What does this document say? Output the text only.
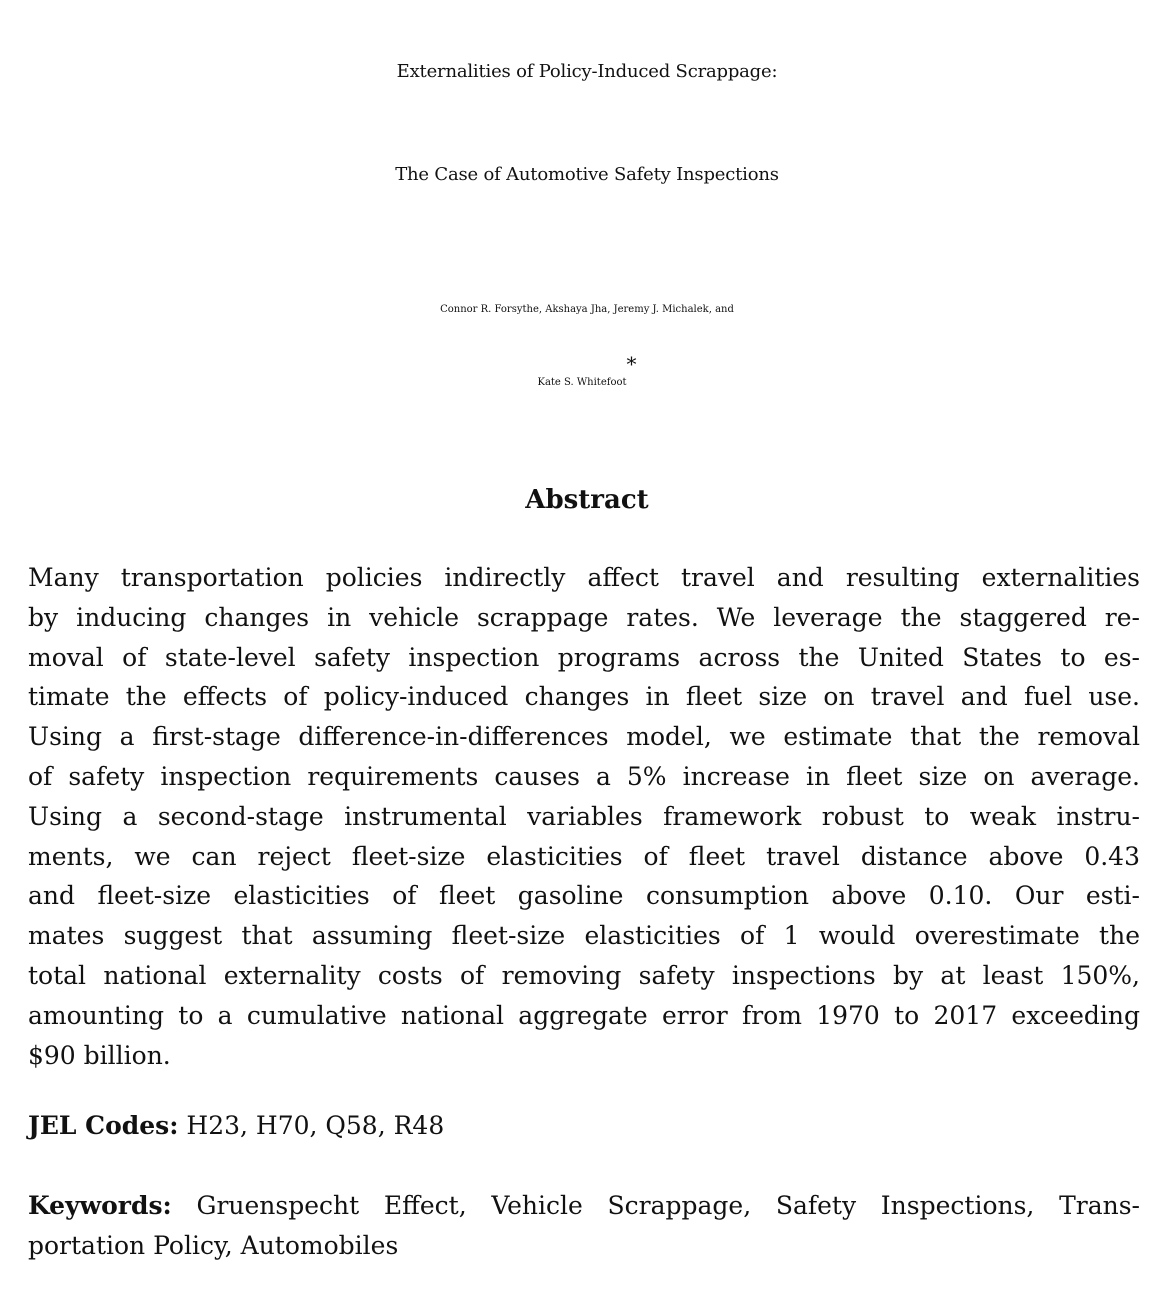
Externalities of Policy-Induced Scrappage:
The Case of Automotive Safety Inspections
Connor R. Forsythe, Akshaya Jha, Jeremy J. Michalek, and
Kate S. Whitefoot*
Abstract
Many transportation policies indirectly affect travel and resulting externalities
by inducing changes in vehicle scrappage rates. We leverage the staggered re-
moval of state-level safety inspection programs across the United States to es-
timate the effects of policy-induced changes in fleet size on travel and fuel use.
Using a first-stage difference-in-differences model, we estimate that the removal
of safety inspection requirements causes a 5% increase in fleet size on average.
Using a second-stage instrumental variables framework robust to weak instru-
ments, we can reject fleet-size elasticities of fleet travel distance above 0.43
and fleet-size elasticities of fleet gasoline consumption above 0.10. Our esti-
mates suggest that assuming fleet-size elasticities of 1 would overestimate the
total national externality costs of removing safety inspections by at least 150%,
amounting to a cumulative national aggregate error from 1970 to 2017 exceeding
$90 billion.
JEL Codes: H23, H70, Q58, R48
Keywords: Gruenspecht Effect, Vehicle Scrappage, Safety Inspections, Trans-
portation Policy, Automobiles
